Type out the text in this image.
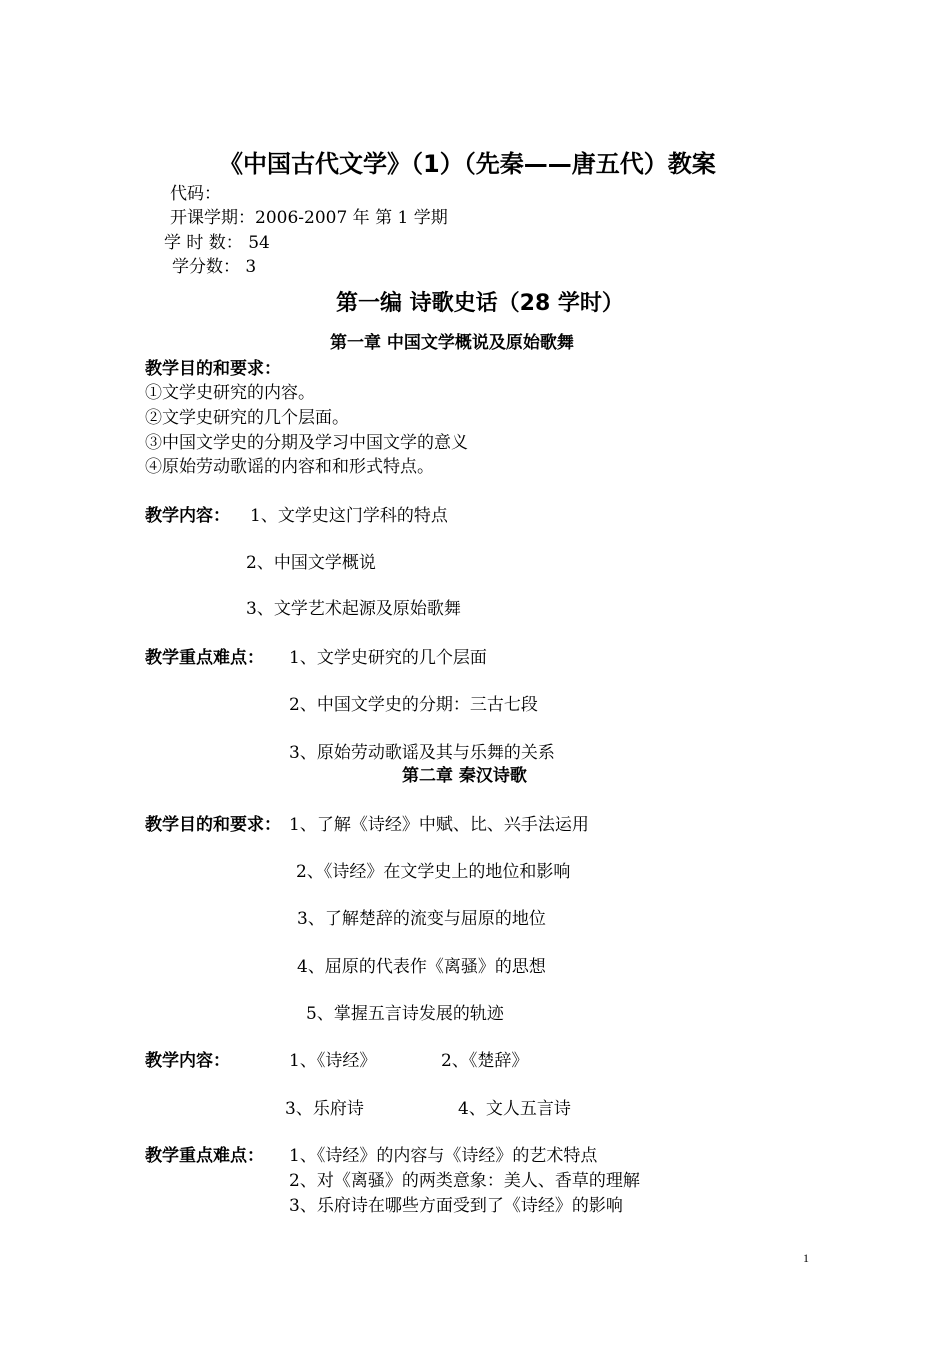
《中国古代文学》（1）（先秦——唐五代）教案
代码：
开课学期：2006-2007 年 第 1 学期
学 时 数： 54
学分数： 3
第一编 诗歌史话（28 学时）
第一章 中国文学概说及原始歌舞
教学目的和要求：
①文学史研究的内容。
②文学史研究的几个层面。
③中国文学史的分期及学习中国文学的意义
④原始劳动歌谣的内容和和形式特点。
教学内容： 1、文学史这门学科的特点
2、中国文学概说
3、文学艺术起源及原始歌舞
教学重点难点： 1、文学史研究的几个层面
2、中国文学史的分期：三古七段
3、原始劳动歌谣及其与乐舞的关系
第二章 秦汉诗歌
教学目的和要求： 1、了解《诗经》中赋、比、兴手法运用
2、《诗经》在文学史上的地位和影响
3、了解楚辞的流变与屈原的地位
4、屈原的代表作《离骚》的思想
5、掌握五言诗发展的轨迹
教学内容：	1、《诗经》	2、《楚辞》
3、乐府诗	4、文人五言诗
教学重点难点： 1、《诗经》的内容与《诗经》的艺术特点
2、对《离骚》的两类意象：美人、香草的理解
3、乐府诗在哪些方面受到了《诗经》的影响
1
